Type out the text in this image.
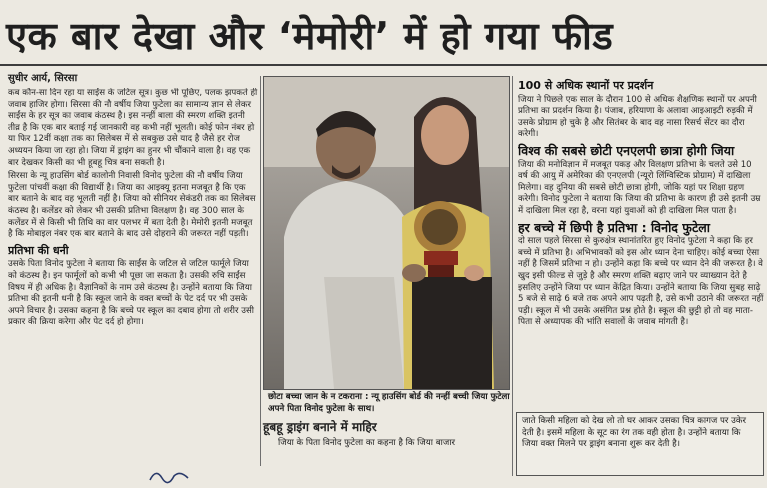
एक बार देखा और ‘मेमोरी’ में हो गया फीड
सुधीर आर्य, सिरसा

कब कौन-सा दिन रहा या साईंस के जटिल सूत्र। कुछ भी पूछिए, पलक झपकते ही जवाब हाजिर होगा। सिरसा की नौ वर्षीय जिया फुटेला का सामान्य ज्ञान से लेकर साईंस के हर सूत्र का जवाब कंठस्थ है। इस नन्हीं बाला की स्मरण शक्ति इतनी तीव्र है कि एक बार बताई गई जानकारी वह कभी नहीं भूलती। कोई फोन नंबर हो या फिर 12वीं कक्षा तक का सिलेबस में से सबकुछ उसे याद है जैसे हर रोज अध्ययन किया जा रहा हो। जिया में ड्राइंग का हुनर भी चौंकाने वाला है। वह एक बार देखकर किसी का भी हूबहू चित्र बना सकती है।

सिरसा के न्यू हाउसिंग बोर्ड कालोनी निवासी विनोद फुटेला की नौ वर्षीय जिया फुटेला पांचवीं कक्षा की विद्यार्थी है। जिया का आइक्यू इतना मजबूत है कि एक बार बताने के बाद वह भूलती नहीं है। जिया को सीनियर सेकंडरी तक का सिलेबस कंठस्थ है। कलेंडर को लेकर भी उसकी प्रतिभा विलक्षण है। वह 300 साल के कलेंडर में से किसी भी तिथि का वार पलभर में बता देती है। मेमोरी इतनी मजबूत है कि मोबाइल नंबर एक बार बताने के बाद उसे दोहराने की जरूरत नहीं पड़ती।

प्रतिभा की धनी

उसके पिता विनोद फुटेला ने बताया कि साईंस के जटिल से जटिल फार्मूले जिया को कंठस्थ है। इन फार्मूलों को कभी भी पूछा जा सकता है। उसकी रुचि साईंस विषय में ही अधिक है। वैज्ञानिकों के नाम उसे कंठस्थ है। उन्होंने बताया कि जिया प्रतिभा की इतनी धनी है कि स्कूल जाने के वक्त बच्चों के पेट दर्द पर भी उसके अपने विचार है। उसका कहना है कि बच्चे पर स्कूल का दबाव होगा तो शरीर उसी प्रकार की क्रिया करेगा और पेट दर्द हो होगा।

छोटा बच्चा जान के न टकराना : न्यू हाउसिंग बोर्ड की नन्हीं बच्ची जिया फुटेला अपने पिता विनोद फुटेला के साथ।
हूबहू ड्राइंग बनाने में माहिर
जिया के पिता विनोद फुटेला का कहना है कि जिया बाजार
100 से अधिक स्थानों पर प्रदर्शन

जिया ने पिछले एक साल के दौरान 100 से अधिक शैक्षणिक स्थानों पर अपनी प्रतिभा का प्रदर्शन किया है। पंजाब, हरियाणा के अलावा आइआइटी रुड़की में उसके प्रोग्राम हो चुके है और सितंबर के बाद वह नासा रिसर्च सेंटर का दौरा करेगी।

विश्व की सबसे छोटी एनएलपी छात्रा होगी जिया

जिया की मनोविज्ञान में मजबूत पकड़ और विलक्षण प्रतिभा के चलते उसे 10 वर्ष की आयु में अमेरिका की एनएलपी (न्यूरो लिंग्विस्टिक प्रोग्राम) में दाखिला मिलेगा। वह दुनिया की सबसे छोटी छात्रा होगी, जोकि यहां पर शिक्षा ग्रहण करेगी। विनोद फुटेला ने बताया कि जिया की प्रतिभा के कारण ही उसे इतनी उम्र में दाखिला मिल रहा है, वरना यहां युवाओं को ही दाखिला मिल पाता है।

हर बच्चे में छिपी है प्रतिभा : विनोद फुटेला

दो साल पहले सिरसा से कुरुक्षेत्र स्थानांतरित हुए विनोद फुटेला ने कहा कि हर बच्चे में प्रतिभा है। अभिभावकों को इस ओर ध्यान देना चाहिए। कोई बच्चा ऐसा नहीं है जिसमें प्रतिभा न हो। उन्होंने कहा कि बच्चे पर ध्यान देने की जरूरत है। वे खुद इसी फील्ड से जुड़े है और स्मरण शक्ति बढ़ाए जाने पर व्याख्यान देते है इसलिए उन्होंने जिया पर ध्यान केंद्रित किया। उन्होंने बताया कि जिया सुबह साढ़े 5 बजे से साढ़े 6 बजे तक अपने आप पढ़ती है, उसे कभी उठाने की जरूरत नहीं पड़ी। स्कूल में भी उसके असंगित प्रश्न होते है। स्कूल की छुट्टी हो तो वह माता-पिता से अध्यापक की भांति सवालों के जवाब मांगती है।

जाते किसी महिला को देख लो तो घर आकर उसका चित्र कागज पर उकेर देती है। इसमें महिला के सूट का रंग तक वही होता है। उन्होंने बताया कि जिया वक्त मिलने पर ड्राइंग बनाना शुरू कर देती है।
